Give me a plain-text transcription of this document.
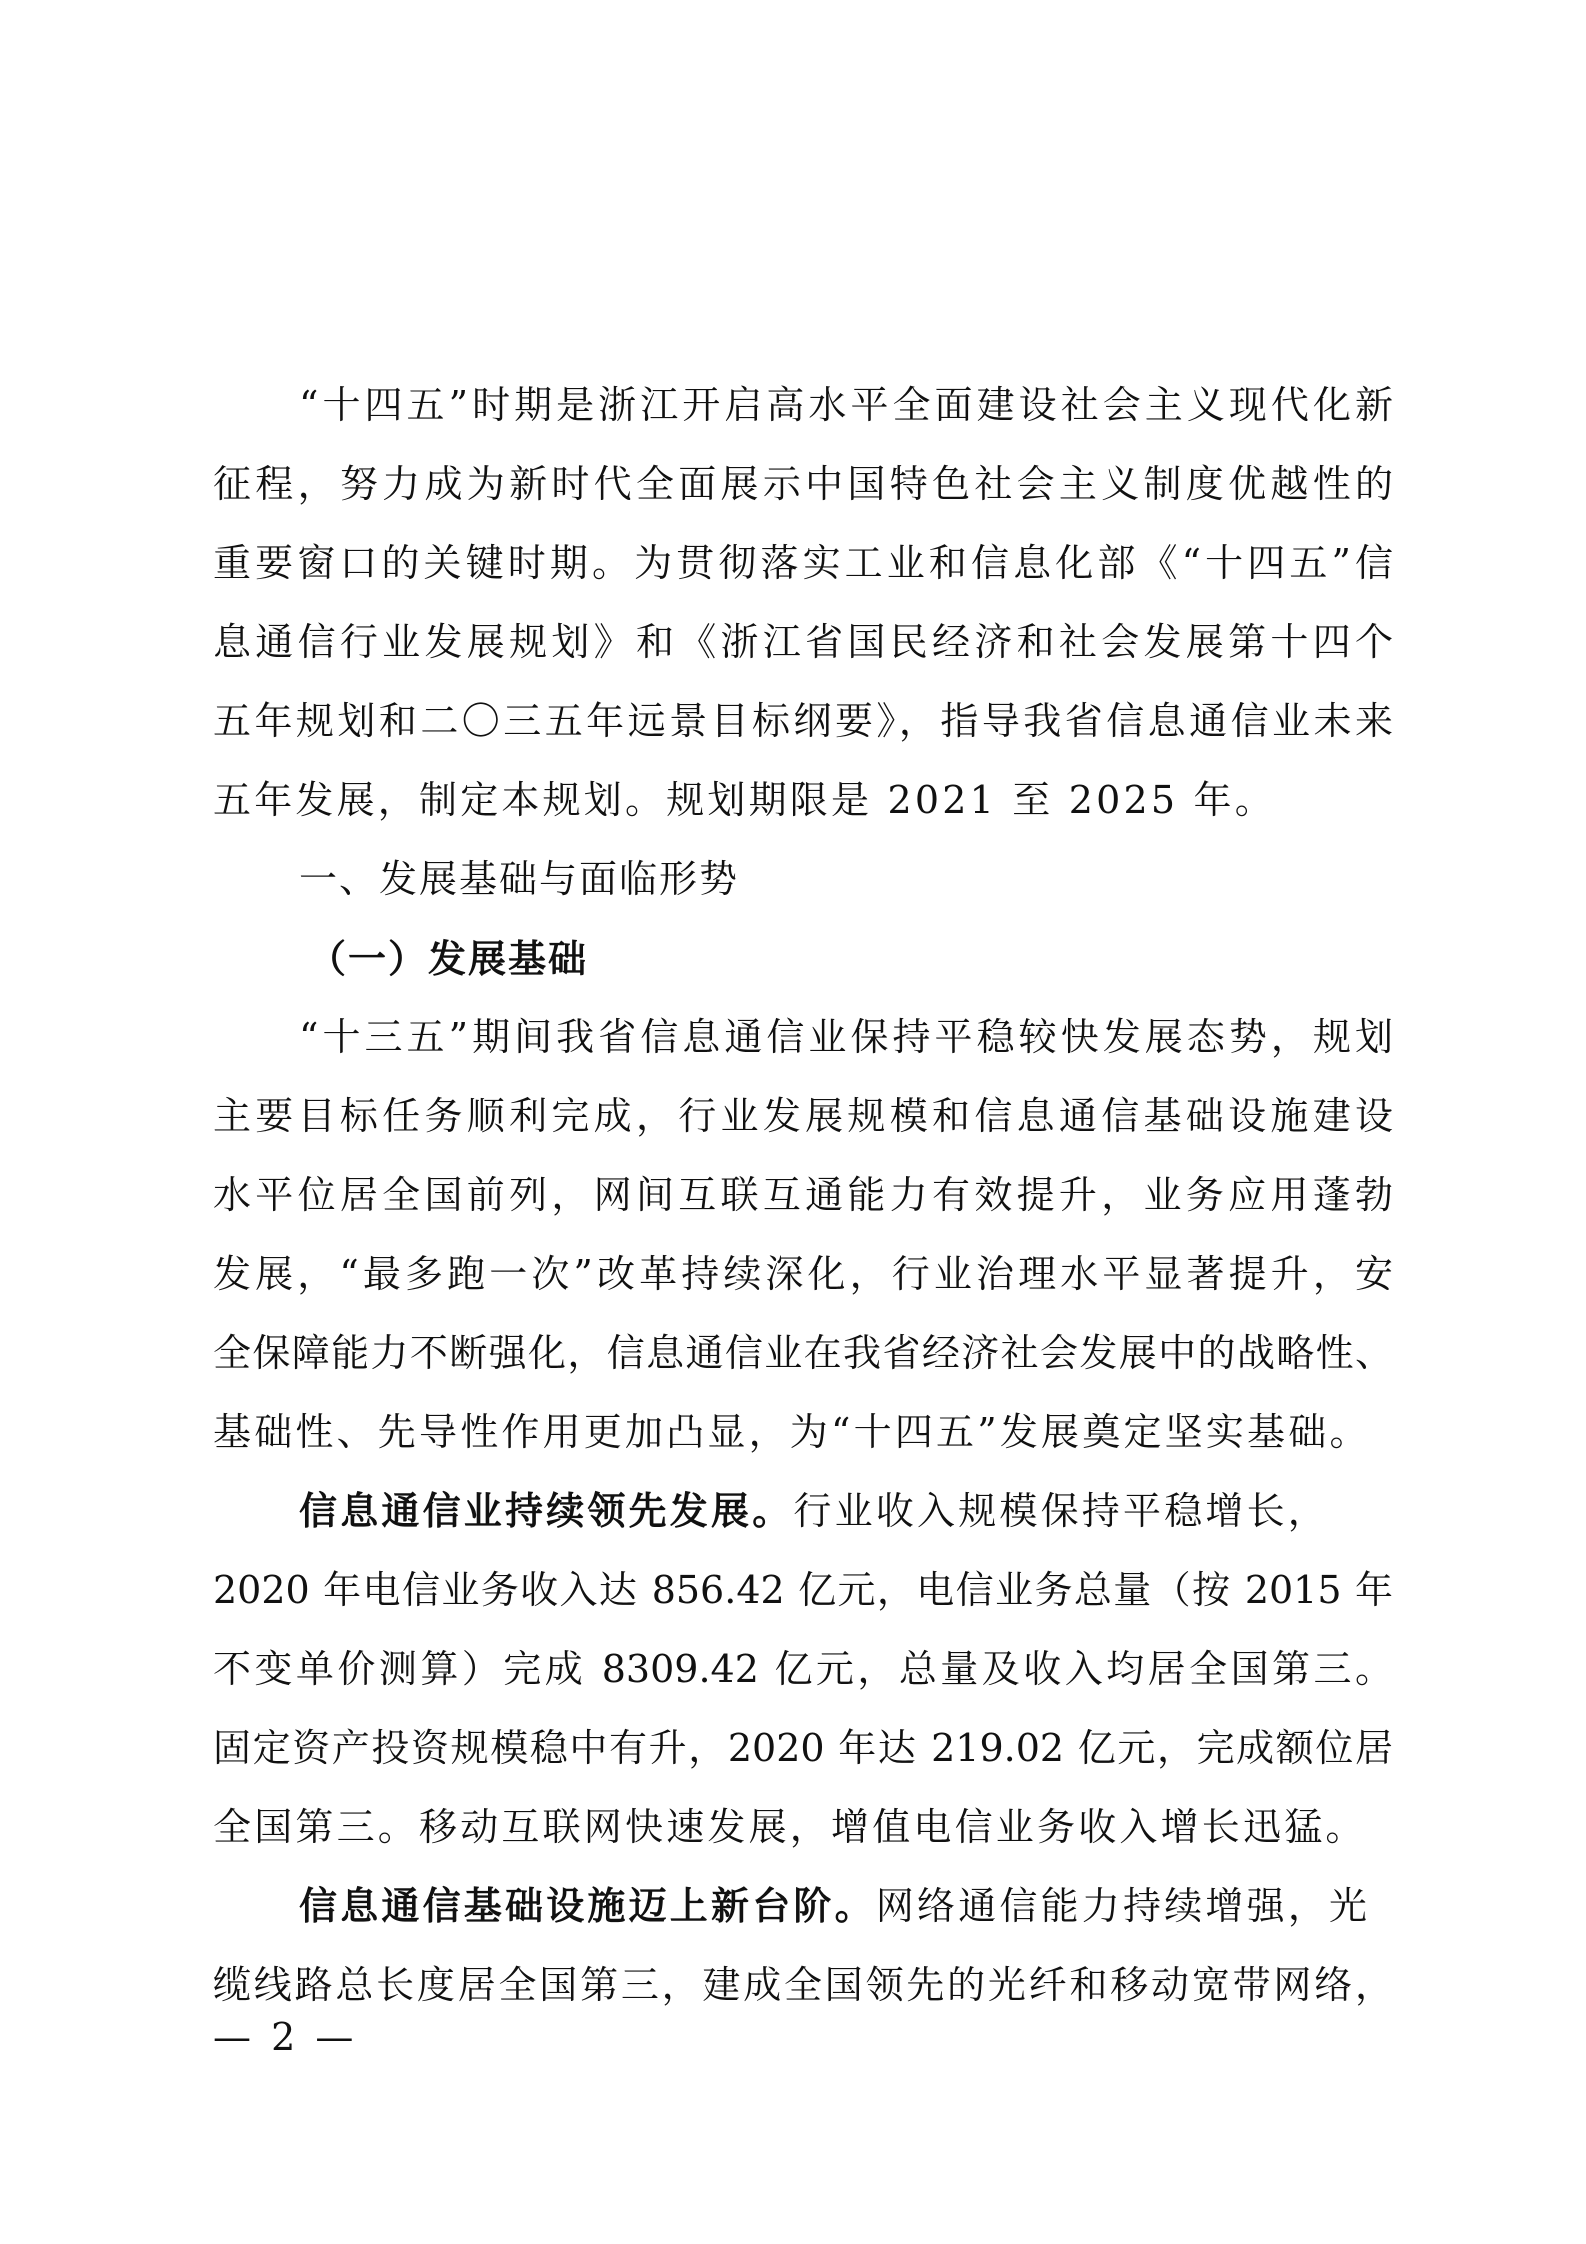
“十四五”时期是浙江开启高水平全面建设社会主义现代化新
征程，努力成为新时代全面展示中国特色社会主义制度优越性的
重要窗口的关键时期。为贯彻落实工业和信息化部《“十四五”信
息通信行业发展规划》和《浙江省国民经济和社会发展第十四个
五年规划和二〇三五年远景目标纲要》，指导我省信息通信业未来
五年发展，制定本规划。规划期限是 2021 至 2025 年。
一、发展基础与面临形势
（一）发展基础
“十三五”期间我省信息通信业保持平稳较快发展态势，规划
主要目标任务顺利完成，行业发展规模和信息通信基础设施建设
水平位居全国前列，网间互联互通能力有效提升，业务应用蓬勃
发展，“最多跑一次”改革持续深化，行业治理水平显著提升，安
全保障能力不断强化，信息通信业在我省经济社会发展中的战略性、
基础性、先导性作用更加凸显，为“十四五”发展奠定坚实基础。
信息通信业持续领先发展。行业收入规模保持平稳增长，
2020 年电信业务收入达 856.42 亿元，电信业务总量（按 2015 年
不变单价测算）完成 8309.42 亿元，总量及收入均居全国第三。
固定资产投资规模稳中有升，2020 年达 219.02 亿元，完成额位居
全国第三。移动互联网快速发展，增值电信业务收入增长迅猛。
信息通信基础设施迈上新台阶。网络通信能力持续增强，光
缆线路总长度居全国第三，建成全国领先的光纤和移动宽带网络，
— 2 —
